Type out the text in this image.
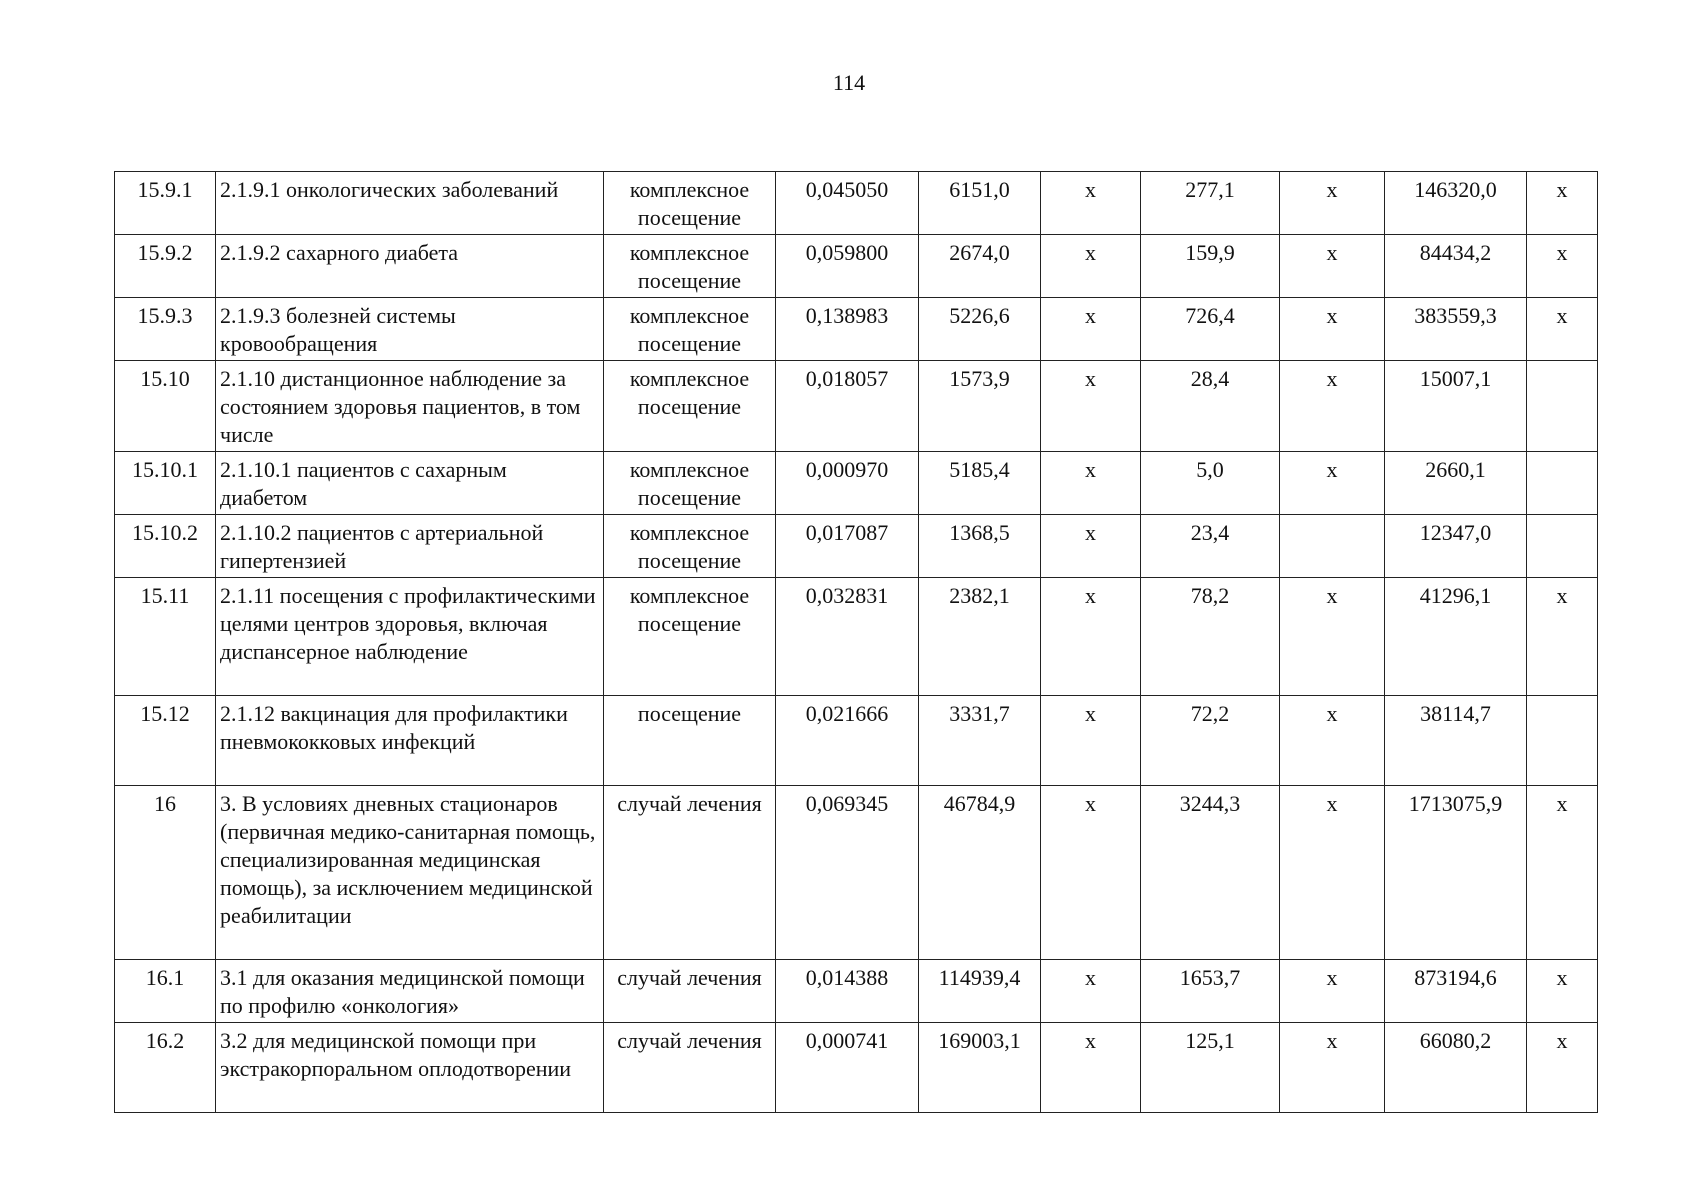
114
15.9.1	2.1.9.1 онкологических заболеваний	комплексное посещение	0,045050	6151,0	х	277,1	х	146320,0	х
15.9.2	2.1.9.2 сахарного диабета	комплексное посещение	0,059800	2674,0	х	159,9	х	84434,2	х
15.9.3	2.1.9.3 болезней системы кровообращения	комплексное посещение	0,138983	5226,6	х	726,4	х	383559,3	х
15.10	2.1.10 дистанционное наблюдение за состоянием здоровья пациентов, в том числе	комплексное посещение	0,018057	1573,9	х	28,4	х	15007,1	
15.10.1	2.1.10.1 пациентов с сахарным диабетом	комплексное посещение	0,000970	5185,4	х	5,0	х	2660,1	
15.10.2	2.1.10.2 пациентов с артериальной гипертензией	комплексное посещение	0,017087	1368,5	х	23,4		12347,0	
15.11	2.1.11 посещения с профилактическими целями центров здоровья, включая диспансерное наблюдение	комплексное посещение	0,032831	2382,1	х	78,2	х	41296,1	х
15.12	2.1.12 вакцинация для профилактики пневмококковых инфекций	посещение	0,021666	3331,7	х	72,2	х	38114,7	
16	3. В условиях дневных стационаров (первичная медико-санитарная помощь, специализированная медицинская помощь), за исключением медицинской реабилитации	случай лечения	0,069345	46784,9	х	3244,3	х	1713075,9	х
16.1	3.1 для оказания медицинской помощи по профилю «онкология»	случай лечения	0,014388	114939,4	х	1653,7	х	873194,6	х
16.2	3.2 для медицинской помощи при экстракорпоральном оплодотворении	случай лечения	0,000741	169003,1	х	125,1	х	66080,2	х
